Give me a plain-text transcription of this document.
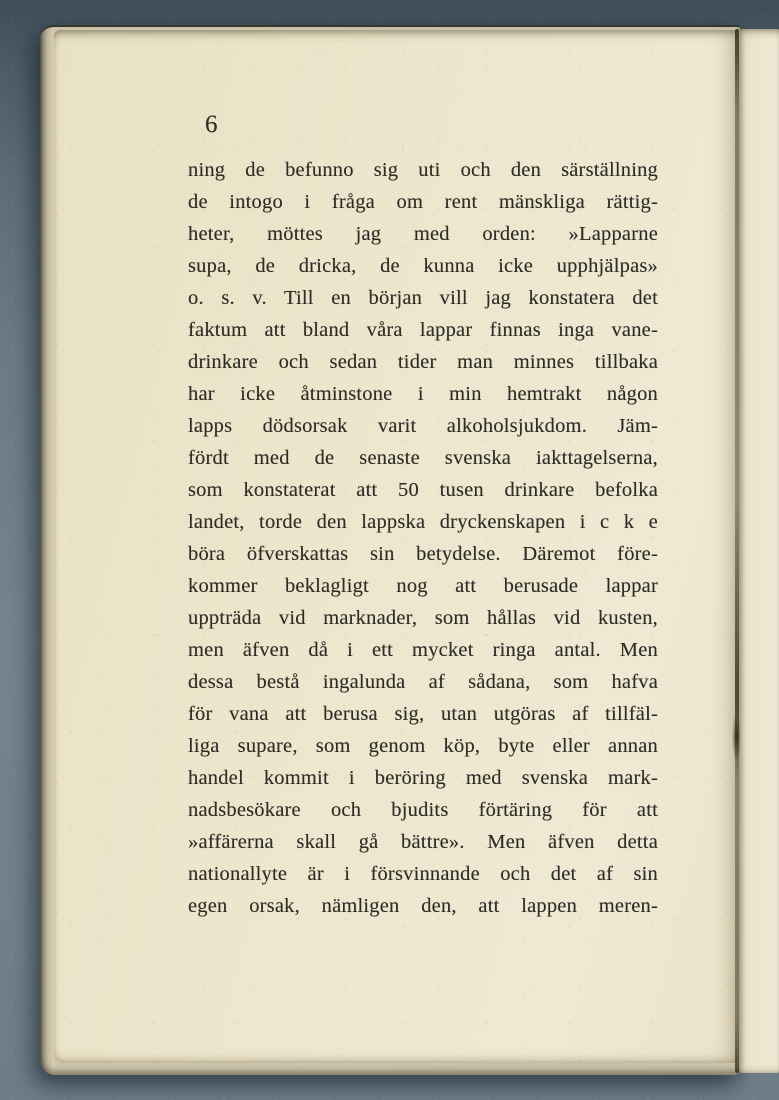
6
ning de befunno sig uti och den särställning
de intogo i fråga om rent mänskliga rättig-
heter, möttes jag med orden: »Lapparne
supa, de dricka, de kunna icke upphjälpas»
o. s. v. Till en början vill jag konstatera det
faktum att bland våra lappar finnas inga vane-
drinkare och sedan tider man minnes tillbaka
har icke åtminstone i min hemtrakt någon
lapps dödsorsak varit alkoholsjukdom. Jäm-
fördt med de senaste svenska iakttagelserna,
som konstaterat att 50 tusen drinkare befolka
landet, torde den lappska dryckenskapen i c k e
böra öfverskattas sin betydelse. Däremot före-
kommer beklagligt nog att berusade lappar
uppträda vid marknader, som hållas vid kusten,
men äfven då i ett mycket ringa antal. Men
dessa bestå ingalunda af sådana, som hafva
för vana att berusa sig, utan utgöras af tillfäl-
liga supare, som genom köp, byte eller annan
handel kommit i beröring med svenska mark-
nadsbesökare och bjudits förtäring för att
»affärerna skall gå bättre». Men äfven detta
nationallyte är i försvinnande och det af sin
egen orsak, nämligen den, att lappen meren-
